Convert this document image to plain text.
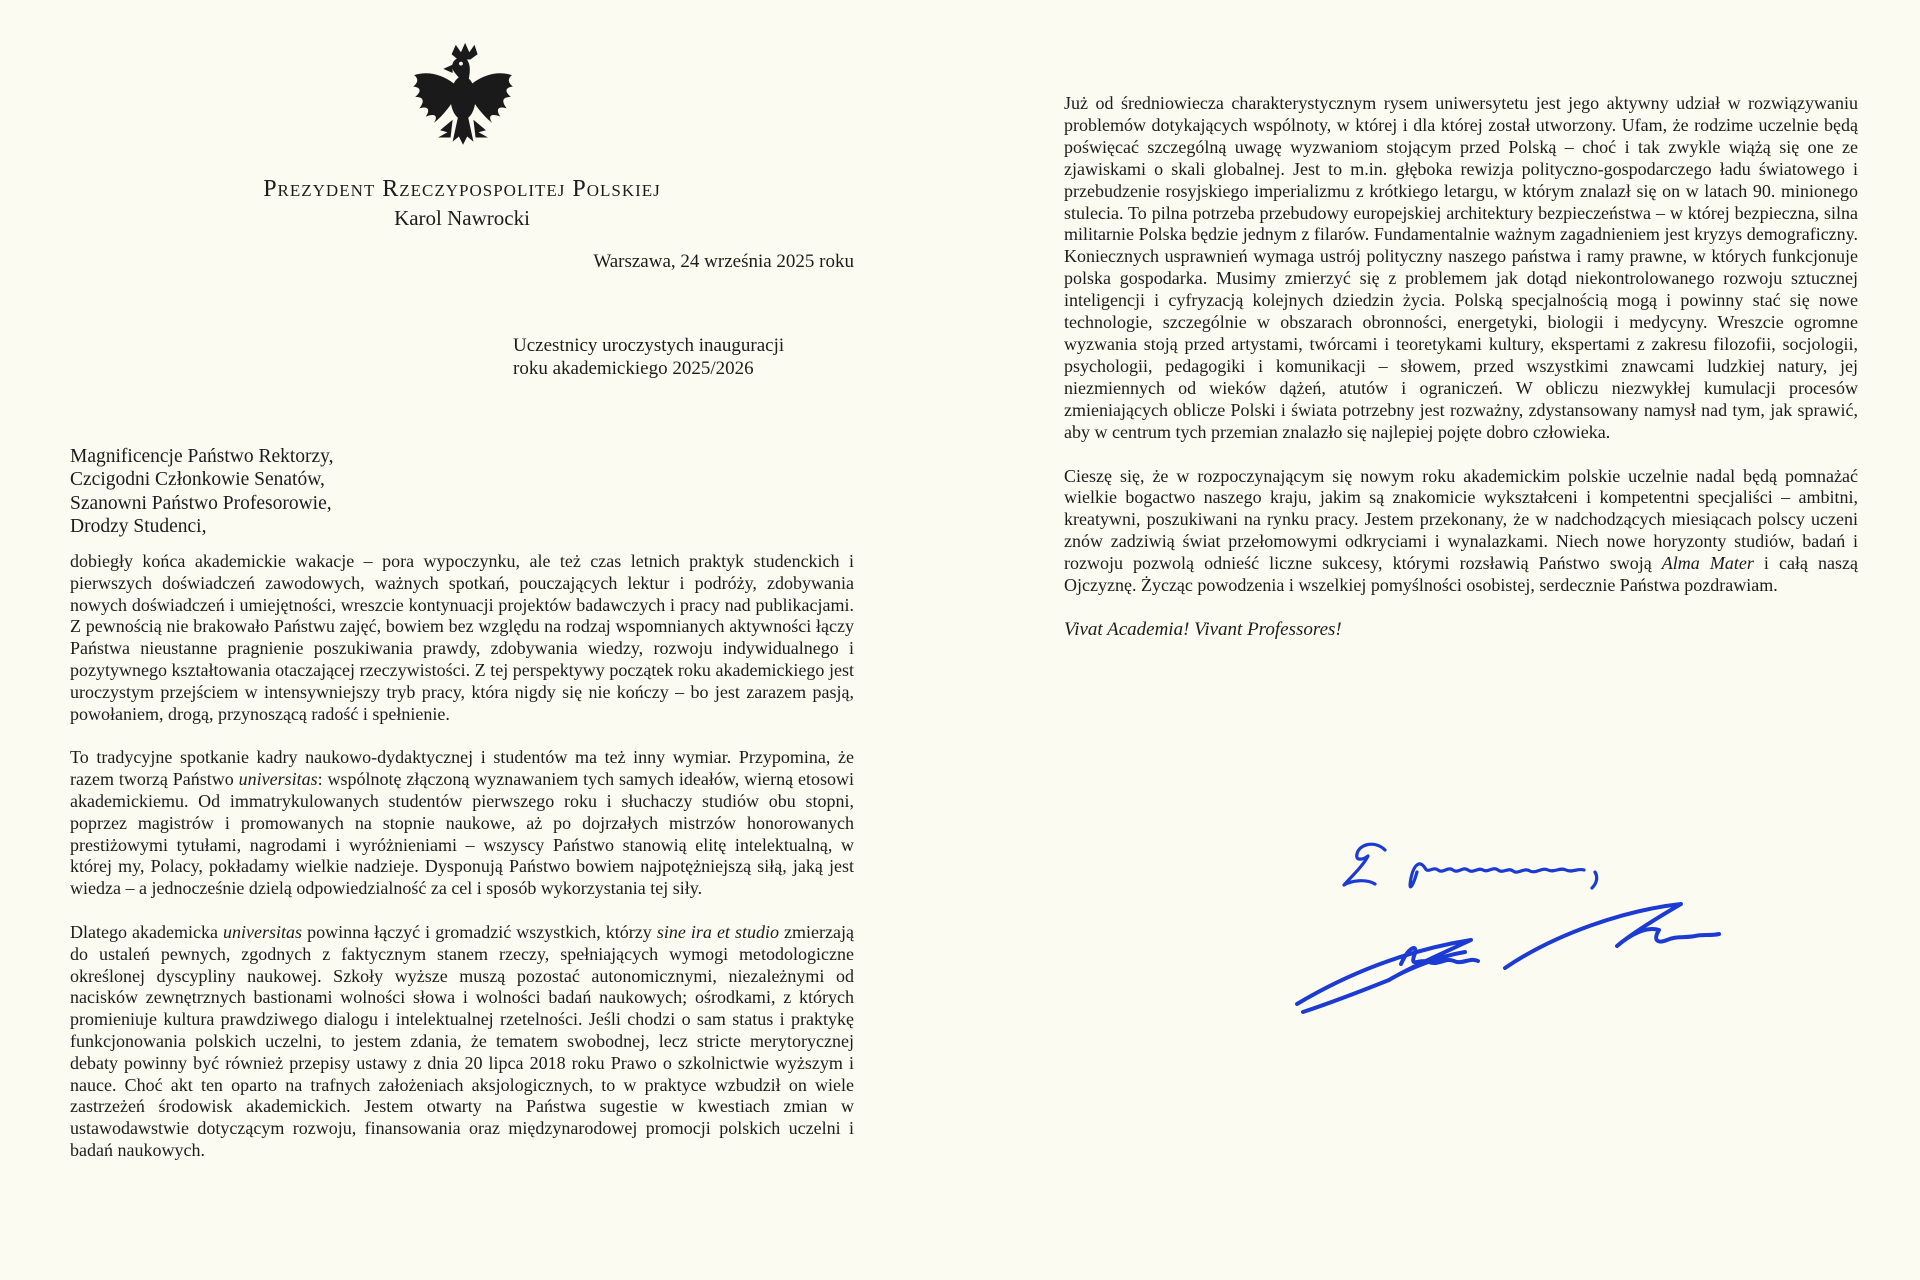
Prezydent Rzeczypospolitej Polskiej
Karol Nawrocki
Warszawa, 24 września 2025 roku
Uczestnicy uroczystych inauguracji
roku akademickiego 2025/2026
Magnificencje Państwo Rektorzy,
Czcigodni Członkowie Senatów,
Szanowni Państwo Profesorowie,
Drodzy Studenci,

dobiegły końca akademickie wakacje – pora wypoczynku, ale też czas letnich praktyk studenckich i pierwszych doświadczeń zawodowych, ważnych spotkań, pouczających lektur i podróży, zdobywania nowych doświadczeń i umiejętności, wreszcie kontynuacji projektów badawczych i pracy nad publikacjami. Z pewnością nie brakowało Państwu zajęć, bowiem bez względu na rodzaj wspomnianych aktywności łączy Państwa nieustanne pragnienie poszukiwania prawdy, zdobywania wiedzy, rozwoju indywidualnego i pozytywnego kształtowania otaczającej rzeczywistości. Z tej perspektywy początek roku akademickiego jest uroczystym przejściem w intensywniejszy tryb pracy, która nigdy się nie kończy – bo jest zarazem pasją, powołaniem, drogą, przynoszącą radość i spełnienie.

To tradycyjne spotkanie kadry naukowo-dydaktycznej i studentów ma też inny wymiar. Przypomina, że razem tworzą Państwo universitas: wspólnotę złączoną wyznawaniem tych samych ideałów, wierną etosowi akademickiemu. Od immatrykulowanych studentów pierwszego roku i słuchaczy studiów obu stopni, poprzez magistrów i promowanych na stopnie naukowe, aż po dojrzałych mistrzów honorowanych prestiżowymi tytułami, nagrodami i wyróżnieniami – wszyscy Państwo stanowią elitę intelektualną, w której my, Polacy, pokładamy wielkie nadzieje. Dysponują Państwo bowiem najpotężniejszą siłą, jaką jest wiedza – a jednocześnie dzielą odpowiedzialność za cel i sposób wykorzystania tej siły.

Dlatego akademicka universitas powinna łączyć i gromadzić wszystkich, którzy sine ira et studio zmierzają do ustaleń pewnych, zgodnych z faktycznym stanem rzeczy, spełniających wymogi metodologiczne określonej dyscypliny naukowej. Szkoły wyższe muszą pozostać autonomicznymi, niezależnymi od nacisków zewnętrznych bastionami wolności słowa i wolności badań naukowych; ośrodkami, z których promieniuje kultura prawdziwego dialogu i intelektualnej rzetelności. Jeśli chodzi o sam status i praktykę funkcjonowania polskich uczelni, to jestem zdania, że tematem swobodnej, lecz stricte merytorycznej debaty powinny być również przepisy ustawy z dnia 20 lipca 2018 roku Prawo o szkolnictwie wyższym i nauce. Choć akt ten oparto na trafnych założeniach aksjologicznych, to w praktyce wzbudził on wiele zastrzeżeń środowisk akademickich. Jestem otwarty na Państwa sugestie w kwestiach zmian w ustawodawstwie dotyczącym rozwoju, finansowania oraz międzynarodowej promocji polskich uczelni i badań naukowych.

Już od średniowiecza charakterystycznym rysem uniwersytetu jest jego aktywny udział w rozwiązywaniu problemów dotykających wspólnoty, w której i dla której został utworzony. Ufam, że rodzime uczelnie będą poświęcać szczególną uwagę wyzwaniom stojącym przed Polską – choć i tak zwykle wiążą się one ze zjawiskami o skali globalnej. Jest to m.in. głęboka rewizja polityczno-gospodarczego ładu światowego i przebudzenie rosyjskiego imperializmu z krótkiego letargu, w którym znalazł się on w latach 90. minionego stulecia. To pilna potrzeba przebudowy europejskiej architektury bezpieczeństwa – w której bezpieczna, silna militarnie Polska będzie jednym z filarów. Fundamentalnie ważnym zagadnieniem jest kryzys demograficzny. Koniecznych usprawnień wymaga ustrój polityczny naszego państwa i ramy prawne, w których funkcjonuje polska gospodarka. Musimy zmierzyć się z problemem jak dotąd niekontrolowanego rozwoju sztucznej inteligencji i cyfryzacją kolejnych dziedzin życia. Polską specjalnością mogą i powinny stać się nowe technologie, szczególnie w obszarach obronności, energetyki, biologii i medycyny. Wreszcie ogromne wyzwania stoją przed artystami, twórcami i teoretykami kultury, ekspertami z zakresu filozofii, socjologii, psychologii, pedagogiki i komunikacji – słowem, przed wszystkimi znawcami ludzkiej natury, jej niezmiennych od wieków dążeń, atutów i ograniczeń. W obliczu niezwykłej kumulacji procesów zmieniających oblicze Polski i świata potrzebny jest rozważny, zdystansowany namysł nad tym, jak sprawić, aby w centrum tych przemian znalazło się najlepiej pojęte dobro człowieka.

Cieszę się, że w rozpoczynającym się nowym roku akademickim polskie uczelnie nadal będą pomnażać wielkie bogactwo naszego kraju, jakim są znakomicie wykształceni i kompetentni specjaliści – ambitni, kreatywni, poszukiwani na rynku pracy. Jestem przekonany, że w nadchodzących miesiącach polscy uczeni znów zadziwią świat przełomowymi odkryciami i wynalazkami. Niech nowe horyzonty studiów, badań i rozwoju pozwolą odnieść liczne sukcesy, którymi rozsławią Państwo swoją Alma Mater i całą naszą Ojczyznę. Życząc powodzenia i wszelkiej pomyślności osobistej, serdecznie Państwa pozdrawiam.

Vivat Academia! Vivant Professores!
